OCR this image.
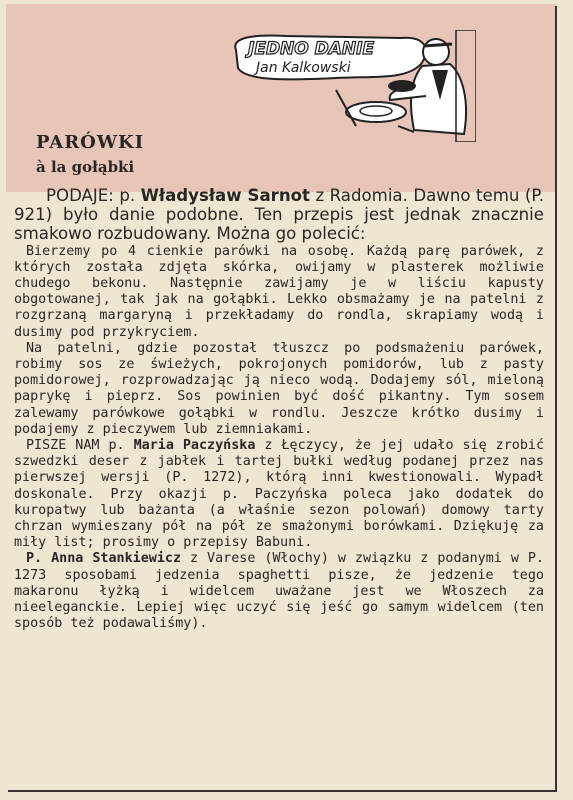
JEDNO DANIE
Jan Kalkowski
PARÓWKI
à la gołąbki

PODAJE: p. Władysław Sarnot z Radomia. Dawno temu (P. 921) było danie podobne. Ten przepis jest jednak znacznie smakowo rozbudowany. Można go polecić:

Bierzemy po 4 cienkie parówki na osobę. Każdą parę parówek, z których została zdjęta skórka, owijamy w plasterek możliwie chudego bekonu. Następnie zawijamy je w liściu kapusty obgotowanej, tak jak na gołąbki. Lekko obsmażamy je na patelni z rozgrzaną margaryną i przekładamy do rondla, skrapiamy wodą i dusimy pod przykryciem.

Na patelni, gdzie pozostał tłuszcz po podsmażeniu parówek, robimy sos ze świeżych, pokrojonych pomidorów, lub z pasty pomidorowej, rozprowadzając ją nieco wodą. Dodajemy sól, mieloną paprykę i pieprz. Sos powinien być dość pikantny. Tym sosem zalewamy parówkowe gołąbki w rondlu. Jeszcze krótko dusimy i podajemy z pieczywem lub ziemniakami.

PISZE NAM p. Maria Paczyńska z Łęczycy, że jej udało się zrobić szwedzki deser z jabłek i tartej bułki według podanej przez nas pierwszej wersji (P. 1272), którą inni kwestionowali. Wypadł doskonale. Przy okazji p. Paczyńska poleca jako dodatek do kuropatwy lub bażanta (a właśnie sezon polowań) domowy tarty chrzan wymieszany pół na pół ze smażonymi borówkami. Dziękuję za miły list; prosimy o przepisy Babuni.

P. Anna Stankiewicz z Varese (Włochy) w związku z podanymi w P. 1273 sposobami jedzenia spaghetti pisze, że jedzenie tego makaronu łyżką i widelcem uważane jest we Włoszech za nieeleganckie. Lepiej więc uczyć się jeść go samym widelcem (ten sposób też podawaliśmy).
